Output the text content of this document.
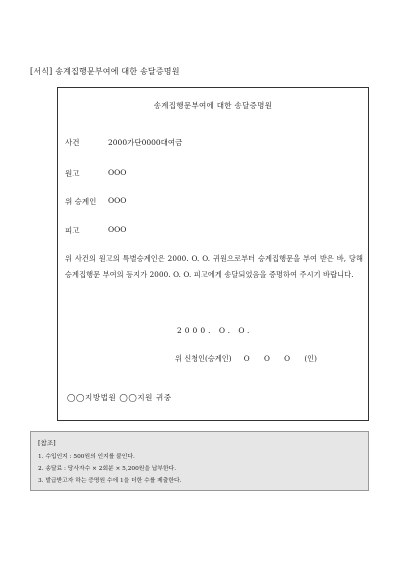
[서식] 송계집행문부여에 대한 송달증명원
송계집행문부여에 대한 송달증명원
사건	2000가단0000대여금
원고	OOO
위 승계인 OOO
피고	OOO
위 사건의 원고의 특별승계인은 2000. O. O. 귀원으로부터 승계집행문을 부여 받은 바, 당해 승계집행문 부여의 등지가 2000. O. O. 피고에게 송달되었음을 증명하여 주시기 바랍니다.
2000. O. O.
위 신청인(승계인) O O O (인)
◯◯지방법원 ◯◯지원 귀중
[참조]
1. 수입인지 : 500원의 인지를 붙인다.
2. 송달료 : 당사자수 × 2회분 × 5,200원을 납부한다.
3. 발급받고자 하는 증명원 수에 1을 더한 수를 제출한다.
